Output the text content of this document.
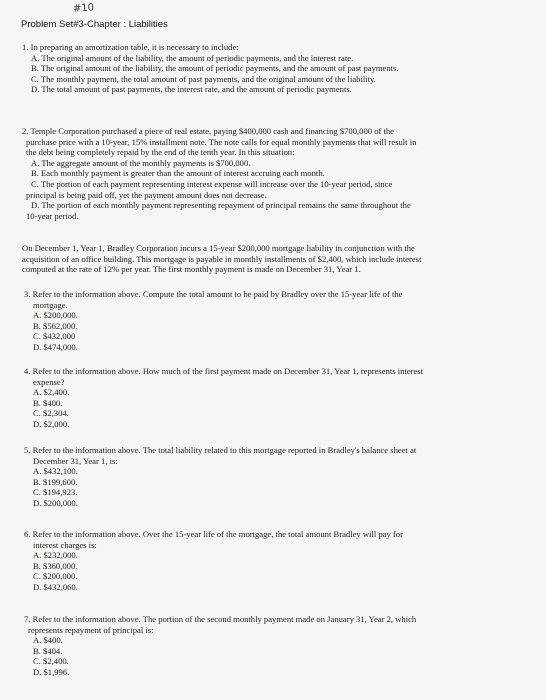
#10
Problem Set#3-Chapter : Liabilities

1. In preparing an amortization table, it is necessary to include:

A. The original amount of the liability, the amount of periodic payments, and the interest rate.

B. The original amount of the liability, the amount of periodic payments, and the amount of past payments.

C. The monthly payment, the total amount of past payments, and the original amount of the liability.

D. The total amount of past payments, the interest rate, and the amount of periodic payments.

2. Temple Corporation purchased a piece of real estate, paying $400,000 cash and financing $700,000 of the

purchase price with a 10-year, 15% installment note. The note calls for equal monthly payments that will result in

the debt being completely repaid by the end of the tenth year. In this situation:

A. The aggregate amount of the monthly payments is $700,000.

B. Each monthly payment is greater than the amount of interest accruing each month.

C. The portion of each payment representing interest expense will increase over the 10-year period, since

principal is being paid off, yet the payment amount does not decrease.

D. The portion of each monthly payment representing repayment of principal remains the same throughout the

10-year period.

On December 1, Year 1, Bradley Corporation incurs a 15-year $200,000 mortgage liability in conjunction with the

acquisition of an office building. This mortgage is payable in monthly installments of $2,400, which include interest

computed at the rate of 12% per year. The first monthly payment is made on December 31, Year 1.

3. Refer to the information above. Compute the total amount to be paid by Bradley over the 15-year life of the

mortgage.

A. $200,000.

B. $562,000.

C. $432,000

D. $474,000.

4. Refer to the information above. How much of the first payment made on December 31, Year 1, represents interest

expense?

A. $2,400.

B. $400.

C. $2,304.

D. $2,000.

5. Refer to the information above. The total liability related to this mortgage reported in Bradley's balance sheet at

December 31, Year 1, is:

A. $432,100.

B. $199,600.

C. $194,923.

D. $200,000.

6. Refer to the information above. Over the 15-year life of the mortgage, the total amount Bradley will pay for

interest charges is:

A. $232,000.

B. $360,000.

C. $200,000.

D. $432,060.

7. Refer to the information above. The portion of the second monthly payment made on January 31, Year 2, which

represents repayment of principal is:

A. $400.

B. $404.

C. $2,400.

D. $1,996.
